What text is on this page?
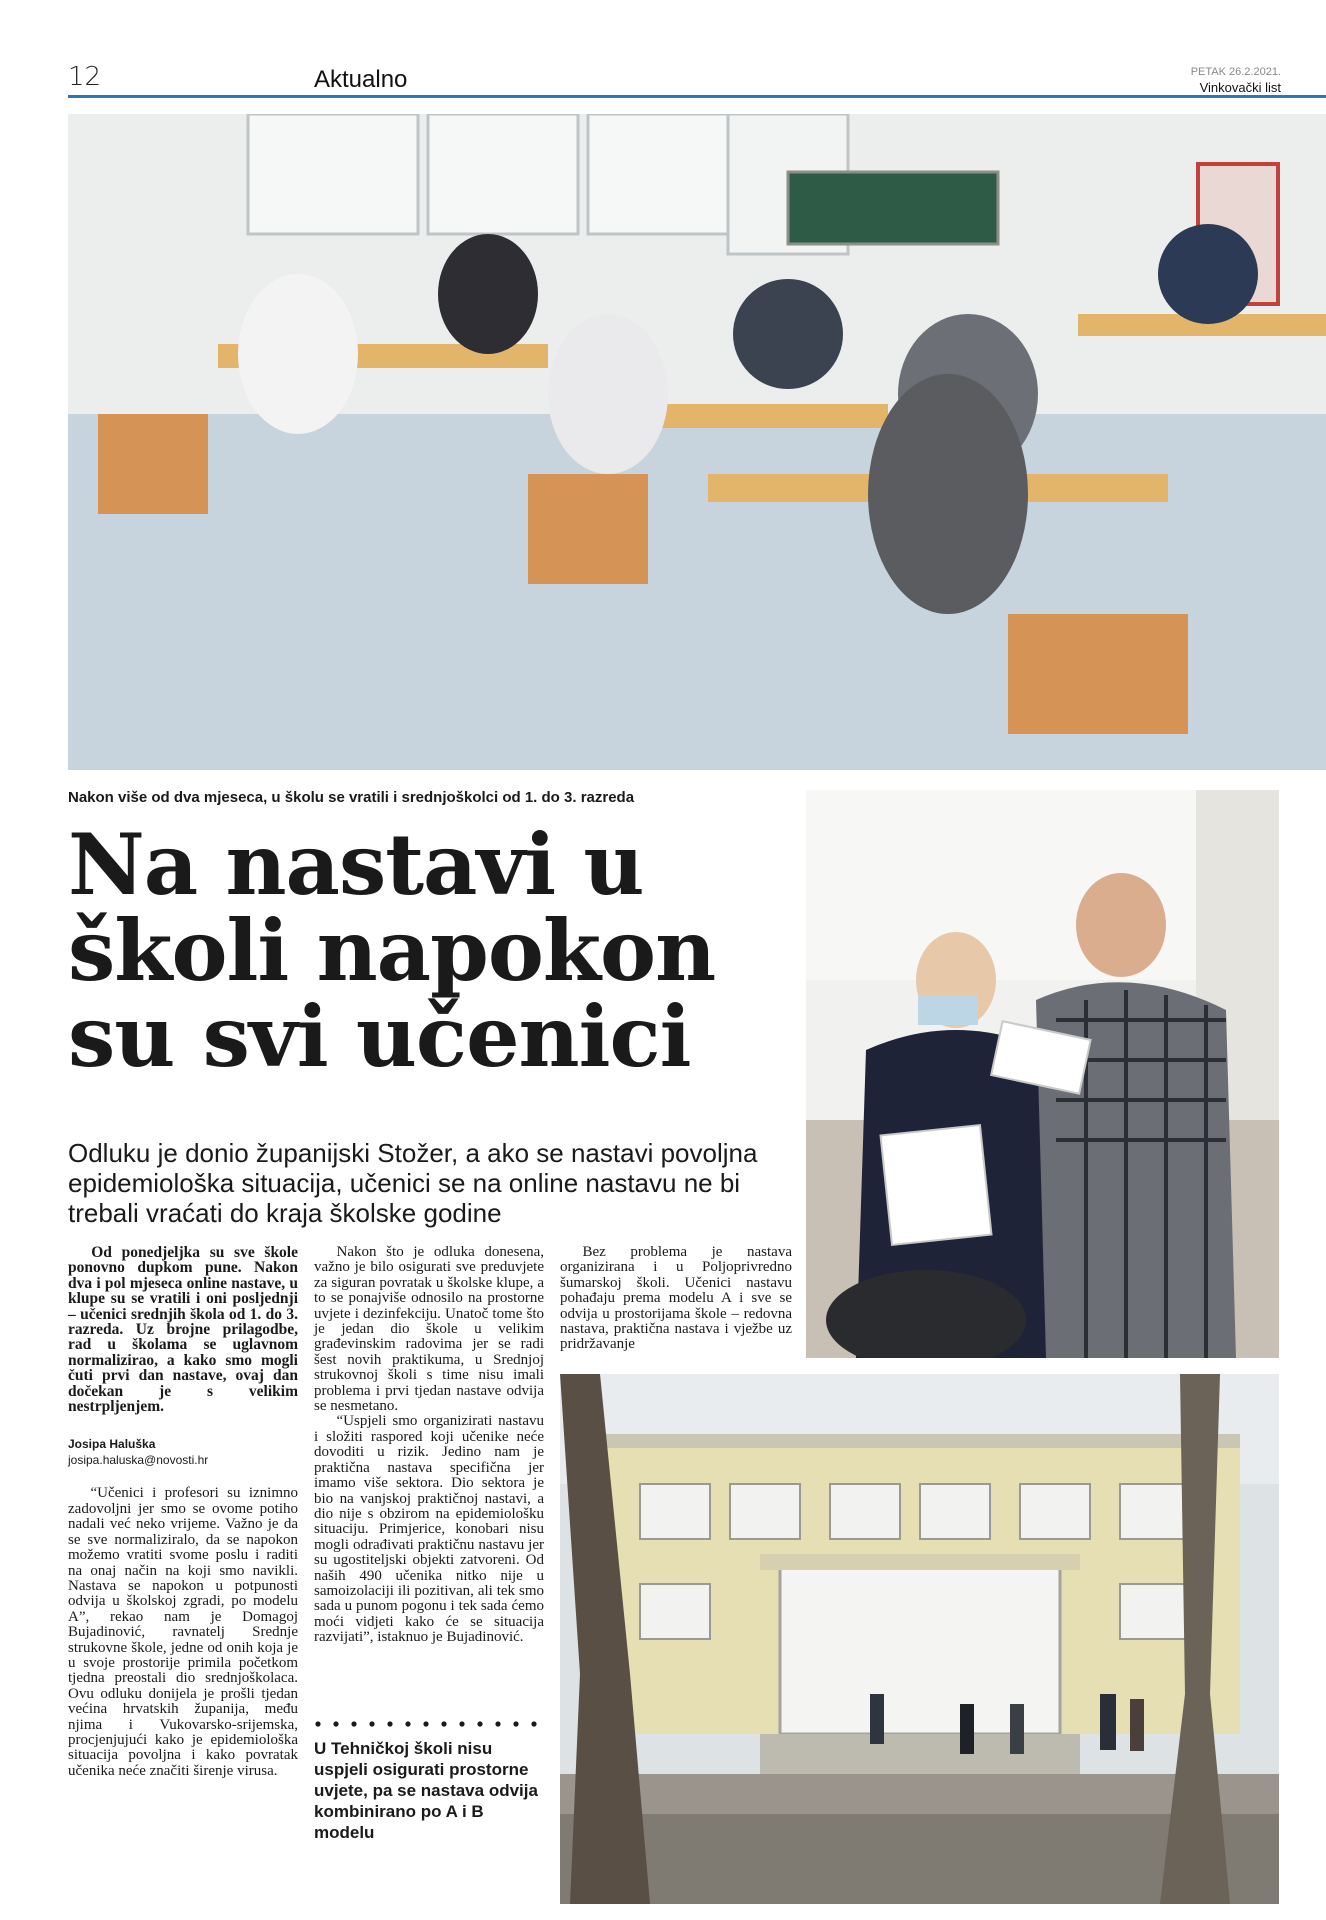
12	Aktualno	PETAK 26.2.2021.
Vinkovački list
Nakon više od dva mjeseca, u školu se vratili i srednjoškolci od 1. do 3. razreda
Na nastavi u
školi napokon
su svi učenici

Odluku je donio županijski Stožer, a ako se nastavi povoljna epidemiološka situacija, učenici se na online nastavu ne bi trebali vraćati do kraja školske godine

Od ponedjeljka su sve škole ponovno dupkom pune. Nakon dva i pol mjeseca online nastave, u klupe su se vratili i oni posljednji – učenici srednjih škola od 1. do 3. razreda. Uz brojne prilagodbe, rad u školama se uglavnom normalizirao, a kako smo mogli čuti prvi dan nastave, ovaj dan dočekan je s velikim nestrpljenjem.

Josipa Haluška

josipa.haluska@novosti.hr

“Učenici i profesori su iznimno zadovoljni jer smo se ovome potiho nadali već neko vrijeme. Važno je da se sve normaliziralo, da se napokon možemo vratiti svome poslu i raditi na onaj način na koji smo navikli. Nastava se napokon u potpunosti odvija u školskoj zgradi, po modelu A”, rekao nam je Domagoj Bujadinović, ravnatelj Srednje strukovne škole, jedne od onih koja je u svoje prostorije primila početkom tjedna preostali dio srednjoškolaca. Ovu odluku donijela je prošli tjedan većina hrvatskih županija, među njima i Vukovarsko-srijemska, procjenjujući kako je epidemiološka situacija povoljna i kako povratak učenika neće značiti širenje virusa.

Nakon što je odluka donesena, važno je bilo osigurati sve preduvjete za siguran povratak u školske klupe, a to se ponajviše odnosilo na prostorne uvjete i dezinfekciju. Unatoč tome što je jedan dio škole u velikim građevinskim radovima jer se radi šest novih praktikuma, u Srednjoj strukovnoj školi s time nisu imali problema i prvi tjedan nastave odvija se nesmetano.

“Uspjeli smo organizirati nastavu i složiti raspored koji učenike neće dovoditi u rizik. Jedino nam je praktična nastava specifična jer imamo više sektora. Dio sektora je bio na vanjskoj praktičnoj nastavi, a dio nije s obzirom na epidemiološku situaciju. Primjerice, konobari nisu mogli odrađivati praktičnu nastavu jer su ugostiteljski objekti zatvoreni. Od naših 490 učenika nitko nije u samoizolaciji ili pozitivan, ali tek smo sada u punom pogonu i tek sada ćemo moći vidjeti kako će se situacija razvijati”, istaknuo je Bujadinović.

U Tehničkoj školi nisu uspjeli osigurati prostorne uvjete, pa se nastava odvija kombinirano po A i B modelu

Bez problema je nastava organizirana i u Poljoprivredno šumarskoj školi. Učenici nastavu pohađaju prema modelu A i sve se odvija u prostorijama škole – redovna nastava, praktična nastava i vježbe uz pridržavanje
